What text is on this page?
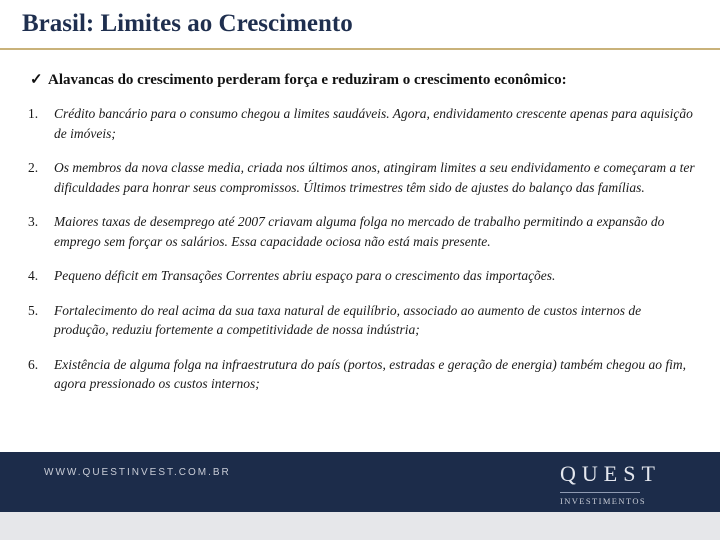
Brasil: Limites ao Crescimento
✓ Alavancas do crescimento perderam força e reduziram o crescimento econômico:
1.	Crédito bancário para o consumo chegou a limites saudáveis. Agora, endividamento crescente apenas para aquisição de imóveis;
2.	Os membros da nova classe media, criada nos últimos anos, atingiram limites a seu endividamento e começaram a ter dificuldades para honrar seus compromissos. Últimos trimestres têm sido de ajustes do balanço das famílias.
3.	Maiores taxas de desemprego até 2007 criavam alguma folga no mercado de trabalho permitindo a expansão do emprego sem forçar os salários. Essa capacidade ociosa não está mais presente.
4.	Pequeno déficit em Transações Correntes abriu espaço para o crescimento das importações.
5.	Fortalecimento do real acima da sua taxa natural de equilíbrio, associado ao aumento de custos internos de produção, reduziu fortemente a competitividade de nossa indústria;
6.	Existência de alguma folga na infraestrutura do país (portos, estradas e geração de energia) também chegou ao fim, agora pressionado os custos internos;
WWW.QUESTINVEST.COM.BR	QUEST
INVESTIMENTOS
